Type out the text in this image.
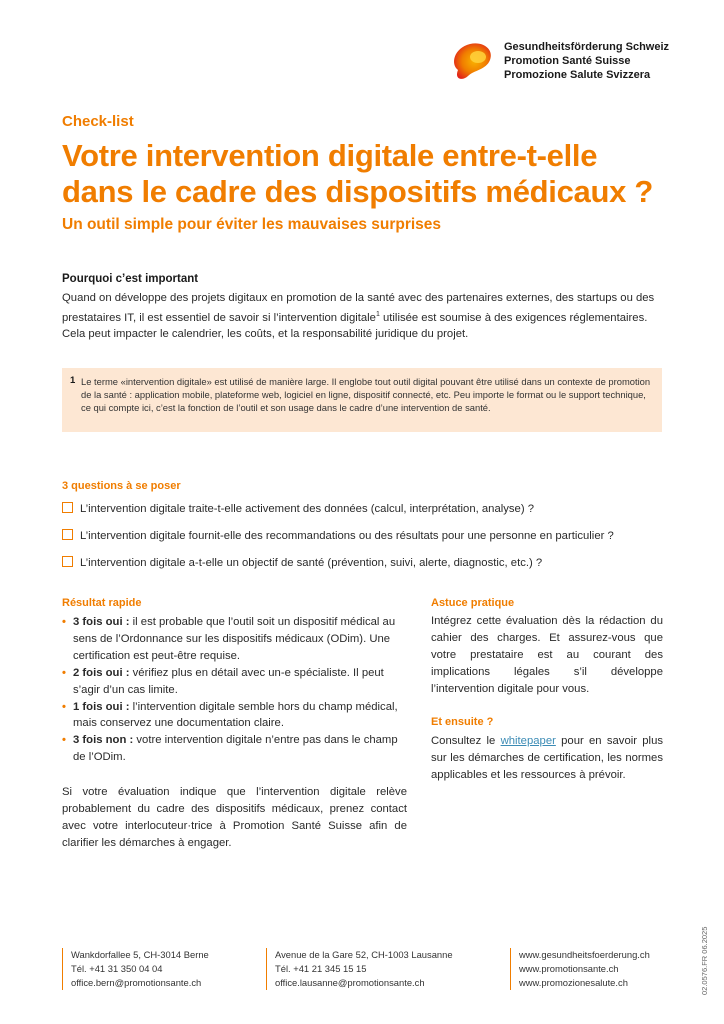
Gesundheitsförderung Schweiz
Promotion Santé Suisse
Promozione Salute Svizzera
Check-list
Votre intervention digitale entre-t-elle
dans le cadre des dispositifs médicaux ?
Un outil simple pour éviter les mauvaises surprises
Pourquoi c’est important
Quand on développe des projets digitaux en promotion de la santé avec des partenaires externes, des startups ou des prestataires IT, il est essentiel de savoir si l’intervention digitale$^1$ utilisée est soumise à des exigences réglementaires. Cela peut impacter le calendrier, les coûts, et la responsabilité juridique du projet.
1 Le terme «intervention digitale» est utilisé de manière large. Il englobe tout outil digital pouvant être utilisé dans un contexte de promotion de la santé : application mobile, plateforme web, logiciel en ligne, dispositif connecté, etc. Peu importe le format ou le support technique, ce qui compte ici, c’est la fonction de l’outil et son usage dans le cadre d’une intervention de santé.
3 questions à se poser
L’intervention digitale traite-t-elle activement des données (calcul, interprétation, analyse) ?
L’intervention digitale fournit-elle des recommandations ou des résultats pour une personne en particulier ?
L’intervention digitale a-t-elle un objectif de santé (prévention, suivi, alerte, diagnostic, etc.) ?
Résultat rapide
• 3 fois oui : il est probable que l’outil soit un dispositif médical au sens de l’Ordonnance sur les dispositifs médicaux (ODim). Une certification est peut-être requise.
• 2 fois oui : vérifiez plus en détail avec un-e spécialiste. Il peut s’agir d’un cas limite.
• 1 fois oui : l’intervention digitale semble hors du champ médical, mais conservez une documentation claire.
• 3 fois non : votre intervention digitale n’entre pas dans le champ de l’ODim.
Si votre évaluation indique que l’intervention digitale relève probablement du cadre des dispositifs médicaux, prenez contact avec votre interlocuteur·trice à Promotion Santé Suisse afin de clarifier les démarches à engager.
Astuce pratique
Intégrez cette évaluation dès la rédaction du cahier des charges. Et assurez-vous que votre prestataire est au courant des implications légales s’il développe l’intervention digitale pour vous.
Et ensuite ?
Consultez le whitepaper pour en savoir plus sur les démarches de certification, les normes applicables et les ressources à prévoir.
02.0576.FR 06.2025
Wankdorfallee 5, CH-3014 Berne
Tél. +41 31 350 04 04
office.bern@promotionsante.ch
Avenue de la Gare 52, CH-1003 Lausanne
Tél. +41 21 345 15 15
office.lausanne@promotionsante.ch
www.gesundheitsfoerderung.ch
www.promotionsante.ch
www.promozionesalute.ch
